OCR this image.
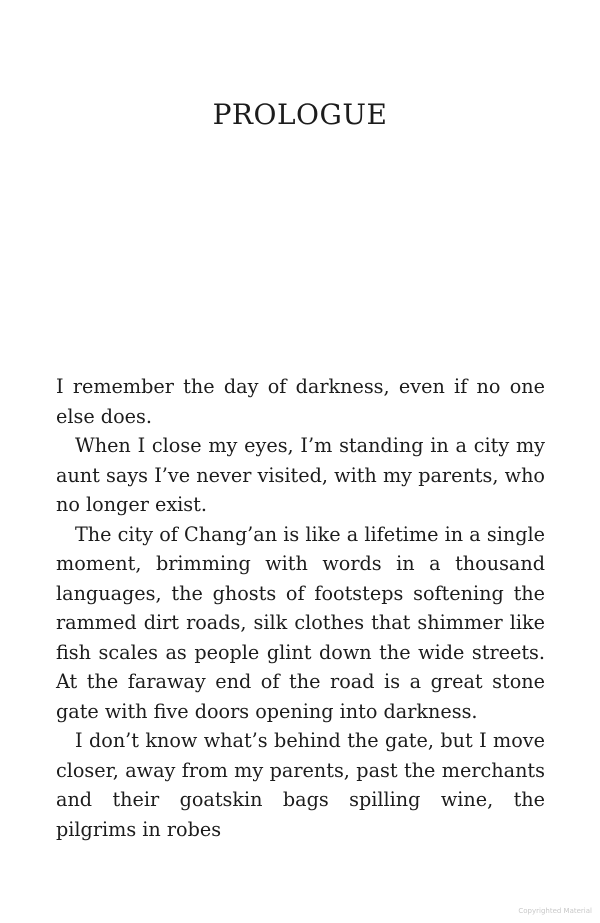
PROLOGUE

I remember the day of darkness, even if no one else does.

When I close my eyes, I’m standing in a city my aunt says I’ve never visited, with my parents, who no longer exist.

The city of Chang’an is like a lifetime in a single moment, brimming with words in a thousand languages, the ghosts of footsteps softening the rammed dirt roads, silk clothes that shimmer like fish scales as people glint down the wide streets. At the faraway end of the road is a great stone gate with five doors opening into darkness.

I don’t know what’s behind the gate, but I move closer, away from my parents, past the merchants and their goatskin bags spilling wine, the pilgrims in robes

Copyrighted Material
